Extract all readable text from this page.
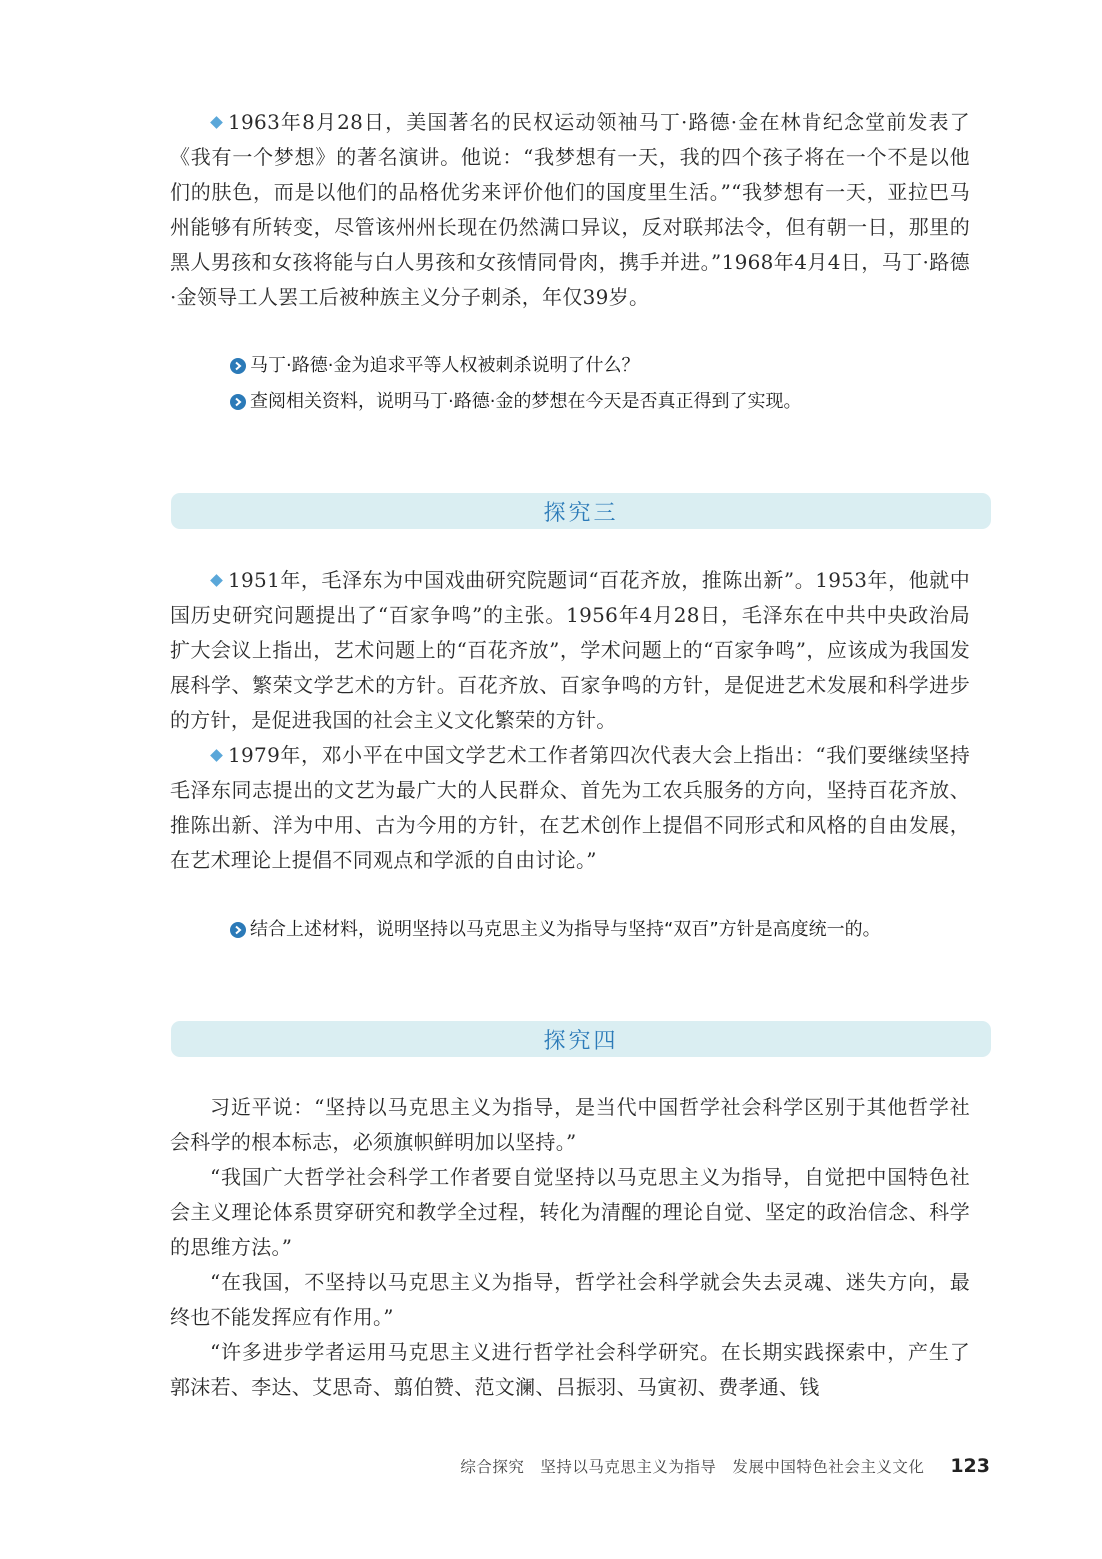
1963年8月28日，美国著名的民权运动领袖马丁·路德·金在林肯纪念堂前发表了《我有一个梦想》的著名演讲。他说：“我梦想有一天，我的四个孩子将在一个不是以他们的肤色，而是以他们的品格优劣来评价他们的国度里生活。”“我梦想有一天，亚拉巴马州能够有所转变，尽管该州州长现在仍然满口异议，反对联邦法令，但有朝一日，那里的黑人男孩和女孩将能与白人男孩和女孩情同骨肉，携手并进。”1968年4月4日，马丁·路德·金领导工人罢工后被种族主义分子刺杀，年仅39岁。

马丁·路德·金为追求平等人权被刺杀说明了什么？
查阅相关资料，说明马丁·路德·金的梦想在今天是否真正得到了实现。
探究三

1951年，毛泽东为中国戏曲研究院题词“百花齐放，推陈出新”。1953年，他就中国历史研究问题提出了“百家争鸣”的主张。1956年4月28日，毛泽东在中共中央政治局扩大会议上指出，艺术问题上的“百花齐放”，学术问题上的“百家争鸣”，应该成为我国发展科学、繁荣文学艺术的方针。百花齐放、百家争鸣的方针，是促进艺术发展和科学进步的方针，是促进我国的社会主义文化繁荣的方针。

1979年，邓小平在中国文学艺术工作者第四次代表大会上指出：“我们要继续坚持毛泽东同志提出的文艺为最广大的人民群众、首先为工农兵服务的方向，坚持百花齐放、推陈出新、洋为中用、古为今用的方针，在艺术创作上提倡不同形式和风格的自由发展，在艺术理论上提倡不同观点和学派的自由讨论。”

结合上述材料，说明坚持以马克思主义为指导与坚持“双百”方针是高度统一的。
探究四

习近平说：“坚持以马克思主义为指导，是当代中国哲学社会科学区别于其他哲学社会科学的根本标志，必须旗帜鲜明加以坚持。”

“我国广大哲学社会科学工作者要自觉坚持以马克思主义为指导，自觉把中国特色社会主义理论体系贯穿研究和教学全过程，转化为清醒的理论自觉、坚定的政治信念、科学的思维方法。”

“在我国，不坚持以马克思主义为指导，哲学社会科学就会失去灵魂、迷失方向，最终也不能发挥应有作用。”

“许多进步学者运用马克思主义进行哲学社会科学研究。在长期实践探索中，产生了郭沫若、李达、艾思奇、翦伯赞、范文澜、吕振羽、马寅初、费孝通、钱

综合探究　坚持以马克思主义为指导　发展中国特色社会主义文化 123
